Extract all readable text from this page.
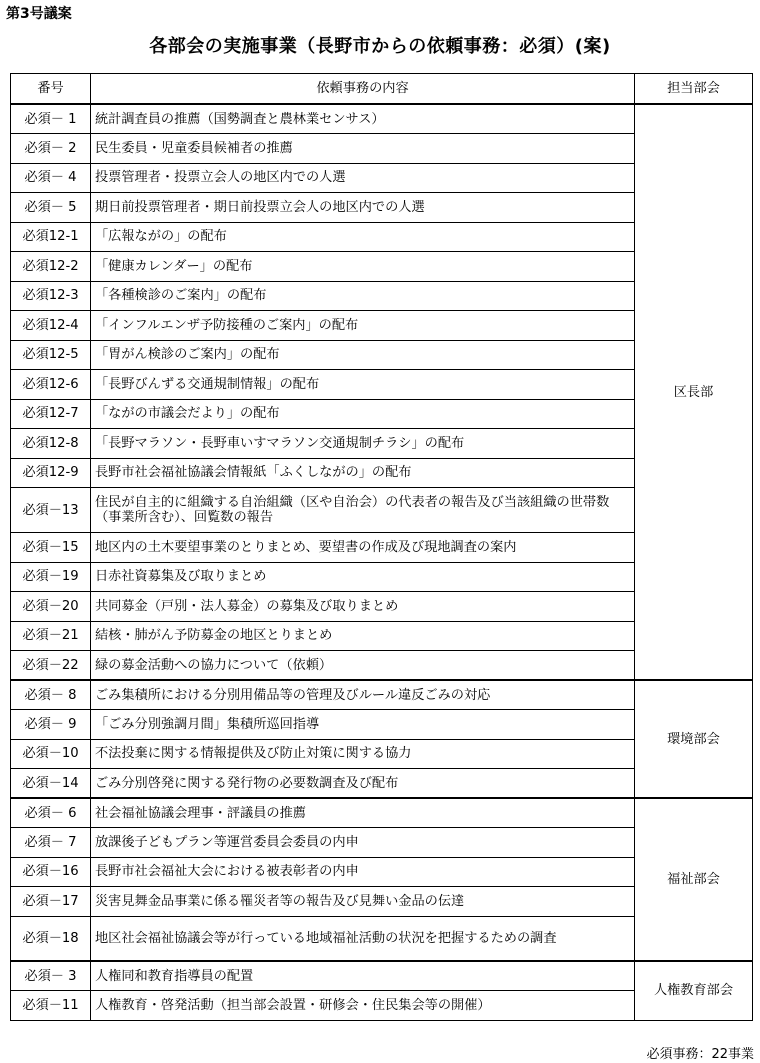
第3号議案
各部会の実施事業（長野市からの依頼事務：必須）(案)
番号	依頼事務の内容	担当部会
必須－ 1	統計調査員の推薦（国勢調査と農林業センサス）	区長部
必須－ 2	民生委員・児童委員候補者の推薦	
必須－ 4	投票管理者・投票立会人の地区内での人選	
必須－ 5	期日前投票管理者・期日前投票立会人の地区内での人選	
必須12-1	「広報ながの」の配布	
必須12-2	「健康カレンダー」の配布	
必須12-3	「各種検診のご案内」の配布	
必須12-4	「インフルエンザ予防接種のご案内」の配布	
必須12-5	「胃がん検診のご案内」の配布	
必須12-6	「長野びんずる交通規制情報」の配布	
必須12-7	「ながの市議会だより」の配布	
必須12-8	「長野マラソン・長野車いすマラソン交通規制チラシ」の配布	
必須12-9	長野市社会福祉協議会情報紙「ふくしながの」の配布	
必須－13	住民が自主的に組織する自治組織（区や自治会）の代表者の報告及び当該組織の世帯数（事業所含む）、回覧数の報告	
必須－15	地区内の土木要望事業のとりまとめ、要望書の作成及び現地調査の案内	
必須－19	日赤社資募集及び取りまとめ	
必須－20	共同募金（戸別・法人募金）の募集及び取りまとめ	
必須－21	結核・肺がん予防募金の地区とりまとめ	
必須－22	緑の募金活動への協力について（依頼）	
必須－ 8	ごみ集積所における分別用備品等の管理及びルール違反ごみの対応	環境部会
必須－ 9	「ごみ分別強調月間」集積所巡回指導	
必須－10	不法投棄に関する情報提供及び防止対策に関する協力	
必須－14	ごみ分別啓発に関する発行物の必要数調査及び配布	
必須－ 6	社会福祉協議会理事・評議員の推薦	福祉部会
必須－ 7	放課後子どもプラン等運営委員会委員の内申	
必須－16	長野市社会福祉大会における被表彰者の内申	
必須－17	災害見舞金品事業に係る罹災者等の報告及び見舞い金品の伝達	
必須－18	地区社会福祉協議会等が行っている地域福祉活動の状況を把握するための調査	
必須－ 3	人権同和教育指導員の配置	人権教育部会
必須－11	人権教育・啓発活動（担当部会設置・研修会・住民集会等の開催）	
必須事務：22事業
